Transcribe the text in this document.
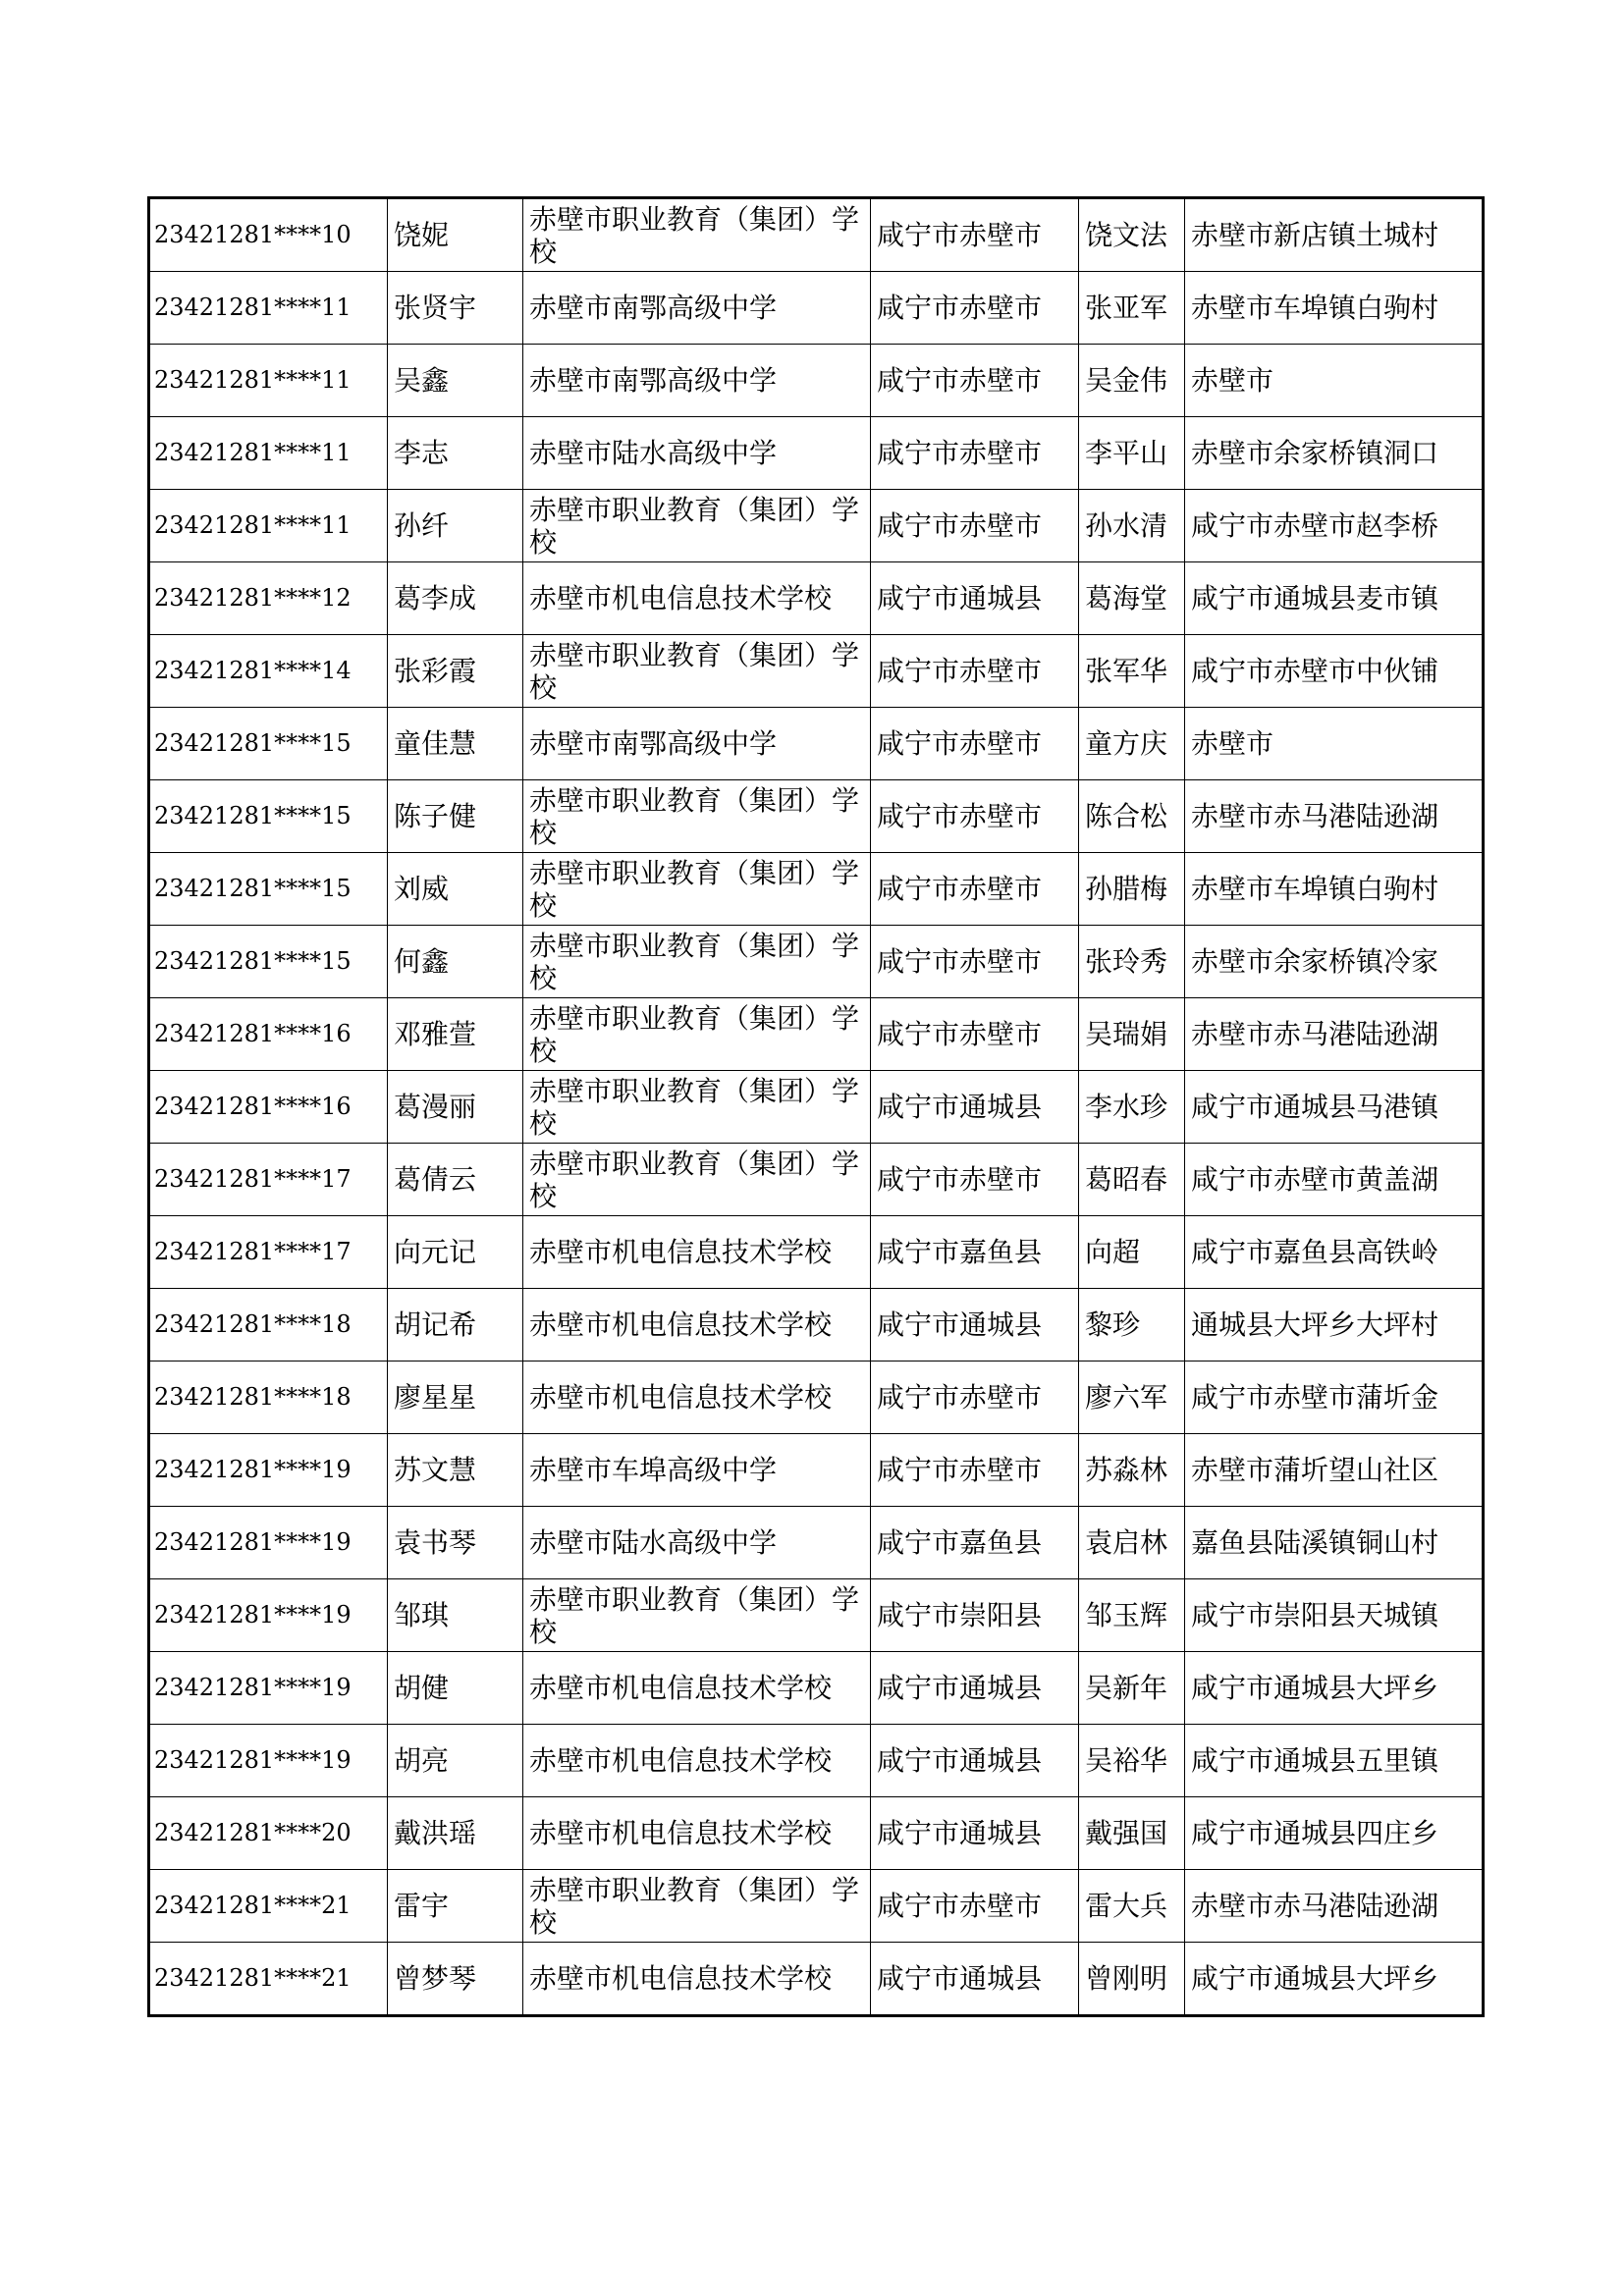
23421281****10	饶妮	赤壁市职业教育（集团）学校	咸宁市赤壁市	饶文法	赤壁市新店镇土城村
23421281****11	张贤宇	赤壁市南鄂高级中学	咸宁市赤壁市	张亚军	赤壁市车埠镇白驹村
23421281****11	吴鑫	赤壁市南鄂高级中学	咸宁市赤壁市	吴金伟	赤壁市
23421281****11	李志	赤壁市陆水高级中学	咸宁市赤壁市	李平山	赤壁市余家桥镇洞口
23421281****11	孙纤	赤壁市职业教育（集团）学校	咸宁市赤壁市	孙水清	咸宁市赤壁市赵李桥
23421281****12	葛李成	赤壁市机电信息技术学校	咸宁市通城县	葛海堂	咸宁市通城县麦市镇
23421281****14	张彩霞	赤壁市职业教育（集团）学校	咸宁市赤壁市	张军华	咸宁市赤壁市中伙铺
23421281****15	童佳慧	赤壁市南鄂高级中学	咸宁市赤壁市	童方庆	赤壁市
23421281****15	陈子健	赤壁市职业教育（集团）学校	咸宁市赤壁市	陈合松	赤壁市赤马港陆逊湖
23421281****15	刘威	赤壁市职业教育（集团）学校	咸宁市赤壁市	孙腊梅	赤壁市车埠镇白驹村
23421281****15	何鑫	赤壁市职业教育（集团）学校	咸宁市赤壁市	张玲秀	赤壁市余家桥镇冷家
23421281****16	邓雅萱	赤壁市职业教育（集团）学校	咸宁市赤壁市	吴瑞娟	赤壁市赤马港陆逊湖
23421281****16	葛漫丽	赤壁市职业教育（集团）学校	咸宁市通城县	李水珍	咸宁市通城县马港镇
23421281****17	葛倩云	赤壁市职业教育（集团）学校	咸宁市赤壁市	葛昭春	咸宁市赤壁市黄盖湖
23421281****17	向元记	赤壁市机电信息技术学校	咸宁市嘉鱼县	向超	咸宁市嘉鱼县高铁岭
23421281****18	胡记希	赤壁市机电信息技术学校	咸宁市通城县	黎珍	通城县大坪乡大坪村
23421281****18	廖星星	赤壁市机电信息技术学校	咸宁市赤壁市	廖六军	咸宁市赤壁市蒲圻金
23421281****19	苏文慧	赤壁市车埠高级中学	咸宁市赤壁市	苏淼林	赤壁市蒲圻望山社区
23421281****19	袁书琴	赤壁市陆水高级中学	咸宁市嘉鱼县	袁启林	嘉鱼县陆溪镇铜山村
23421281****19	邹琪	赤壁市职业教育（集团）学校	咸宁市崇阳县	邹玉辉	咸宁市崇阳县天城镇
23421281****19	胡健	赤壁市机电信息技术学校	咸宁市通城县	吴新年	咸宁市通城县大坪乡
23421281****19	胡亮	赤壁市机电信息技术学校	咸宁市通城县	吴裕华	咸宁市通城县五里镇
23421281****20	戴洪瑶	赤壁市机电信息技术学校	咸宁市通城县	戴强国	咸宁市通城县四庄乡
23421281****21	雷宇	赤壁市职业教育（集团）学校	咸宁市赤壁市	雷大兵	赤壁市赤马港陆逊湖
23421281****21	曾梦琴	赤壁市机电信息技术学校	咸宁市通城县	曾刚明	咸宁市通城县大坪乡
